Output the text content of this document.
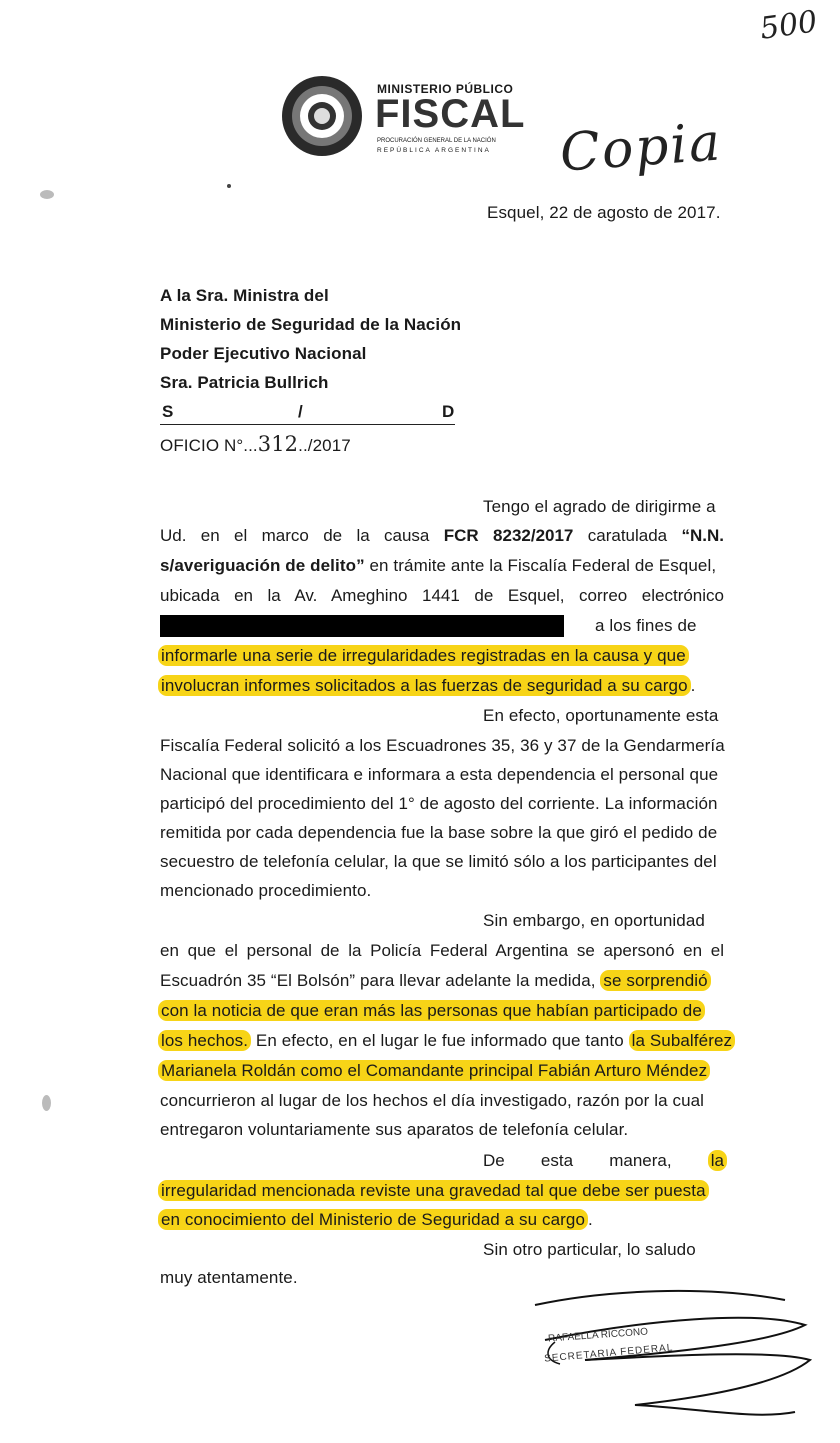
500
MINISTERIO PÚBLICO
FISCAL
PROCURACIÓN GENERAL DE LA NACIÓN
REPÚBLICA ARGENTINA Copia
Esquel, 22 de agosto de 2017.
A la Sra. Ministra del
Ministerio de Seguridad de la Nación
Poder Ejecutivo Nacional
Sra. Patricia Bullrich
S	/	D
OFICIO N°...312../2017
Tengo el agrado de dirigirme a
Ud. en el marco de la causa FCR 8232/2017 caratulada “N.N.
s/averiguación de delito” en trámite ante la Fiscalía Federal de Esquel,
ubicada en la Av. Ameghino 1441 de Esquel, correo electrónico
a los fines de
informarle una serie de irregularidades registradas en la causa y que
involucran informes solicitados a las fuerzas de seguridad a su cargo .
En efecto, oportunamente esta
Fiscalía Federal solicitó a los Escuadrones 35, 36 y 37 de la Gendarmería
Nacional que identificara e informara a esta dependencia el personal que
participó del procedimiento del 1° de agosto del corriente. La información
remitida por cada dependencia fue la base sobre la que giró el pedido de
secuestro de telefonía celular, la que se limitó sólo a los participantes del
mencionado procedimiento.
Sin embargo, en oportunidad
en que el personal de la Policía Federal Argentina se apersonó en el
Escuadrón 35 “El Bolsón” para llevar adelante la medida, se sorprendió
con la noticia de que eran más las personas que habían participado de
los hechos. En efecto, en el lugar le fue informado que tanto la Subalférez
Marianela Roldán como el Comandante principal Fabián Arturo Méndez
concurrieron al lugar de los hechos el día investigado, razón por la cual
entregaron voluntariamente sus aparatos de telefonía celular.
De esta manera, la
irregularidad mencionada reviste una gravedad tal que debe ser puesta
en conocimiento del Ministerio de Seguridad a su cargo .
Sin otro particular, lo saludo
muy atentamente.
RAFAELLA RICCONO
SECRETARIA FEDERAL
